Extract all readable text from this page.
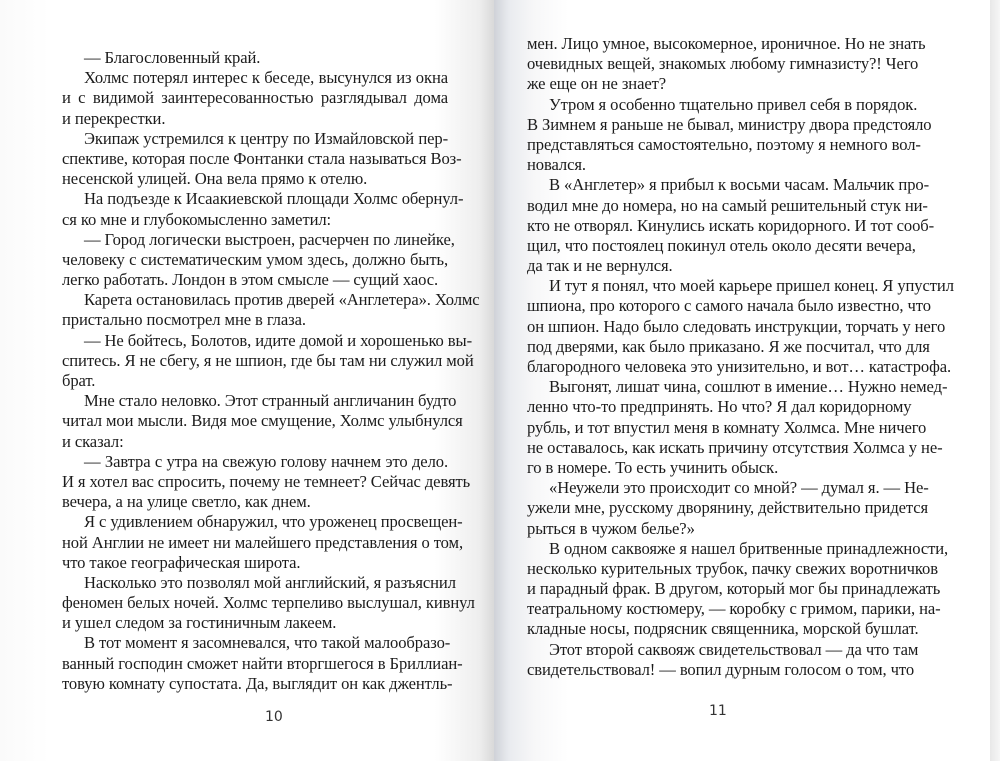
— Благословенный край.
Холмс потерял интерес к беседе, высунулся из окна
и с видимой заинтересованностью разглядывал дома
и перекрестки.
Экипаж устремился к центру по Измайловской пер-
спективе, которая после Фонтанки стала называться Воз-
несенской улицей. Она вела прямо к отелю.
На подъезде к Исаакиевской площади Холмс обернул-
ся ко мне и глубокомысленно заметил:
— Город логически выстроен, расчерчен по линейке,
человеку с систематическим умом здесь, должно быть,
легко работать. Лондон в этом смысле — сущий хаос.
Карета остановилась против дверей «Англетера». Холмс
пристально посмотрел мне в глаза.
— Не бойтесь, Болотов, идите домой и хорошенько вы-
спитесь. Я не сбегу, я не шпион, где бы там ни служил мой
брат.
Мне стало неловко. Этот странный англичанин будто
читал мои мысли. Видя мое смущение, Холмс улыбнулся
и сказал:
— Завтра с утра на свежую голову начнем это дело.
И я хотел вас спросить, почему не темнеет? Сейчас девять
вечера, а на улице светло, как днем.
Я с удивлением обнаружил, что уроженец просвещен-
ной Англии не имеет ни малейшего представления о том,
что такое географическая широта.
Насколько это позволял мой английский, я разъяснил
феномен белых ночей. Холмс терпеливо выслушал, кивнул
и ушел следом за гостиничным лакеем.
В тот момент я засомневался, что такой малообразо-
ванный господин сможет найти вторгшегося в Бриллиан-
товую комнату супостата. Да, выглядит он как джентль-
10
мен. Лицо умное, высокомерное, ироничное. Но не знать
очевидных вещей, знакомых любому гимназисту?! Чего
же еще он не знает?
Утром я особенно тщательно привел себя в порядок.
В Зимнем я раньше не бывал, министру двора предстояло
представляться самостоятельно, поэтому я немного вол-
новался.
В «Англетер» я прибыл к восьми часам. Мальчик про-
водил мне до номера, но на самый решительный стук ни-
кто не отворял. Кинулись искать коридорного. И тот сооб-
щил, что постоялец покинул отель около десяти вечера,
да так и не вернулся.
И тут я понял, что моей карьере пришел конец. Я упустил
шпиона, про которого с самого начала было известно, что
он шпион. Надо было следовать инструкции, торчать у него
под дверями, как было приказано. Я же посчитал, что для
благородного человека это унизительно, и вот… катастрофа.
Выгонят, лишат чина, сошлют в имение… Нужно немед-
ленно что-то предпринять. Но что? Я дал коридорному
рубль, и тот впустил меня в комнату Холмса. Мне ничего
не оставалось, как искать причину отсутствия Холмса у не-
го в номере. То есть учинить обыск.
«Неужели это происходит со мной? — думал я. — Не-
ужели мне, русскому дворянину, действительно придется
рыться в чужом белье?»
В одном саквояже я нашел бритвенные принадлежности,
несколько курительных трубок, пачку свежих воротничков
и парадный фрак. В другом, который мог бы принадлежать
театральному костюмеру, — коробку с гримом, парики, на-
кладные носы, подрясник священника, морской бушлат.
Этот второй саквояж свидетельствовал — да что там
свидетельствовал! — вопил дурным голосом о том, что
11
